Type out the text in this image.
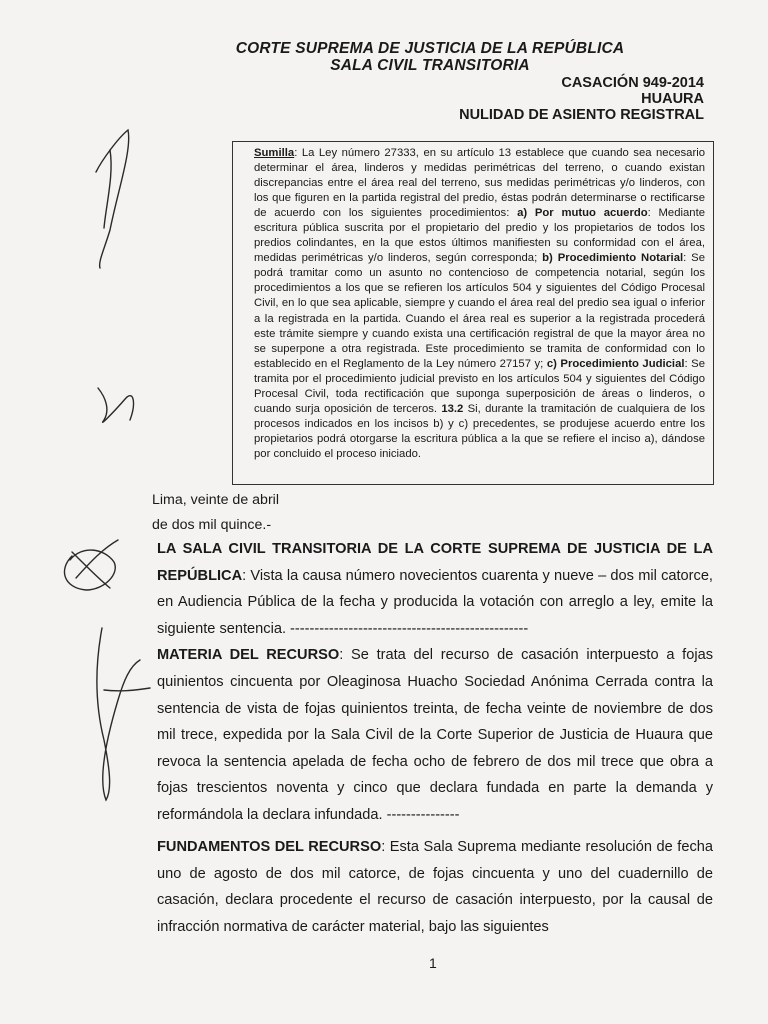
CORTE SUPREMA DE JUSTICIA DE LA REPÚBLICA
SALA CIVIL TRANSITORIA
CASACIÓN 949-2014
HUAURA
NULIDAD DE ASIENTO REGISTRAL
Sumilla: La Ley número 27333, en su artículo 13 establece que cuando sea necesario determinar el área, linderos y medidas perimétricas del terreno, o cuando existan discrepancias entre el área real del terreno, sus medidas perimétricas y/o linderos, con los que figuren en la partida registral del predio, éstas podrán determinarse o rectificarse de acuerdo con los siguientes procedimientos: a) Por mutuo acuerdo: Mediante escritura pública suscrita por el propietario del predio y los propietarios de todos los predios colindantes, en la que estos últimos manifiesten su conformidad con el área, medidas perimétricas y/o linderos, según corresponda; b) Procedimiento Notarial: Se podrá tramitar como un asunto no contencioso de competencia notarial, según los procedimientos a los que se refieren los artículos 504 y siguientes del Código Procesal Civil, en lo que sea aplicable, siempre y cuando el área real del predio sea igual o inferior a la registrada en la partida. Cuando el área real es superior a la registrada procederá este trámite siempre y cuando exista una certificación registral de que la mayor área no se superpone a otra registrada. Este procedimiento se tramita de conformidad con lo establecido en el Reglamento de la Ley número 27157 y; c) Procedimiento Judicial: Se tramita por el procedimiento judicial previsto en los artículos 504 y siguientes del Código Procesal Civil, toda rectificación que suponga superposición de áreas o linderos, o cuando surja oposición de terceros. 13.2 Si, durante la tramitación de cualquiera de los procesos indicados en los incisos b) y c) precedentes, se produjese acuerdo entre los propietarios podrá otorgarse la escritura pública a la que se refiere el inciso a), dándose por concluido el proceso iniciado.
Lima, veinte de abril
de dos mil quince.-

LA SALA CIVIL TRANSITORIA DE LA CORTE SUPREMA DE JUSTICIA DE LA REPÚBLICA: Vista la causa número novecientos cuarenta y nueve – dos mil catorce, en Audiencia Pública de la fecha y producida la votación con arreglo a ley, emite la siguiente sentencia. -------------------------------------------------

MATERIA DEL RECURSO: Se trata del recurso de casación interpuesto a fojas quinientos cincuenta por Oleaginosa Huacho Sociedad Anónima Cerrada contra la sentencia de vista de fojas quinientos treinta, de fecha veinte de noviembre de dos mil trece, expedida por la Sala Civil de la Corte Superior de Justicia de Huaura que revoca la sentencia apelada de fecha ocho de febrero de dos mil trece que obra a fojas trescientos noventa y cinco que declara fundada en parte la demanda y reformándola la declara infundada. ---------------

FUNDAMENTOS DEL RECURSO: Esta Sala Suprema mediante resolución de fecha uno de agosto de dos mil catorce, de fojas cincuenta y uno del cuadernillo de casación, declara procedente el recurso de casación interpuesto, por la causal de infracción normativa de carácter material, bajo las siguientes

1
